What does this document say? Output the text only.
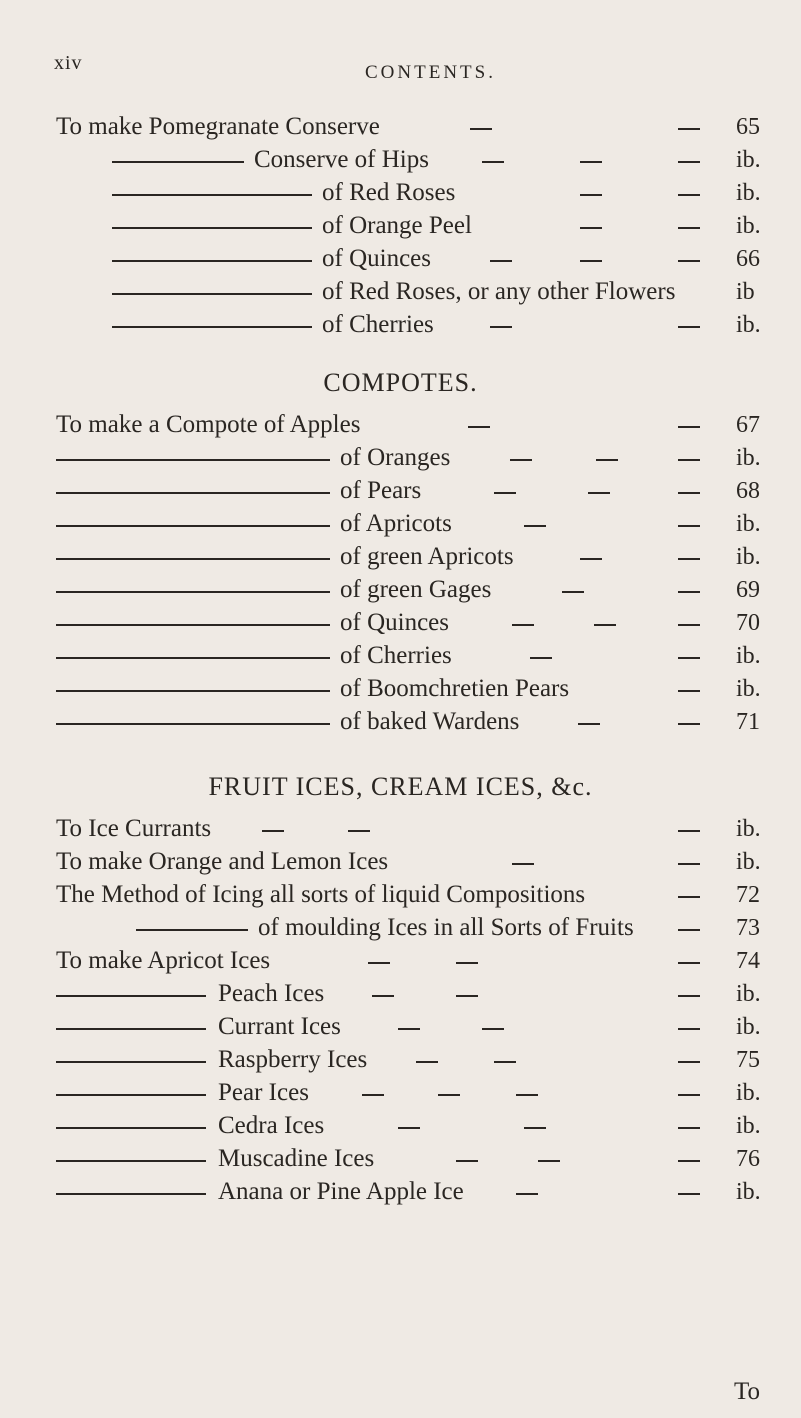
xiv	CONTENTS.
To make Pomegranate Conserve	65
Conserve of Hips	ib.
of Red Roses	ib.
of Orange Peel	ib.
of Quinces	66
of Red Roses, or any other Flowers	ib
of Cherries	ib.
COMPOTES.
To make a Compote of Apples	67
of Oranges	ib.
of Pears	68
of Apricots	ib.
of green Apricots	ib.
of green Gages	69
of Quinces	70
of Cherries	ib.
of Boomchretien Pears	ib.
of baked Wardens	71
FRUIT ICES, CREAM ICES, &c.
To Ice Currants	ib.
To make Orange and Lemon Ices	ib.
The Method of Icing all sorts of liquid Compositions	72
of moulding Ices in all Sorts of Fruits	73
To make Apricot Ices	74
Peach Ices	ib.
Currant Ices	ib.
Raspberry Ices	75
Pear Ices	ib.
Cedra Ices	ib.
Muscadine Ices	76
Anana or Pine Apple Ice	ib.
To
